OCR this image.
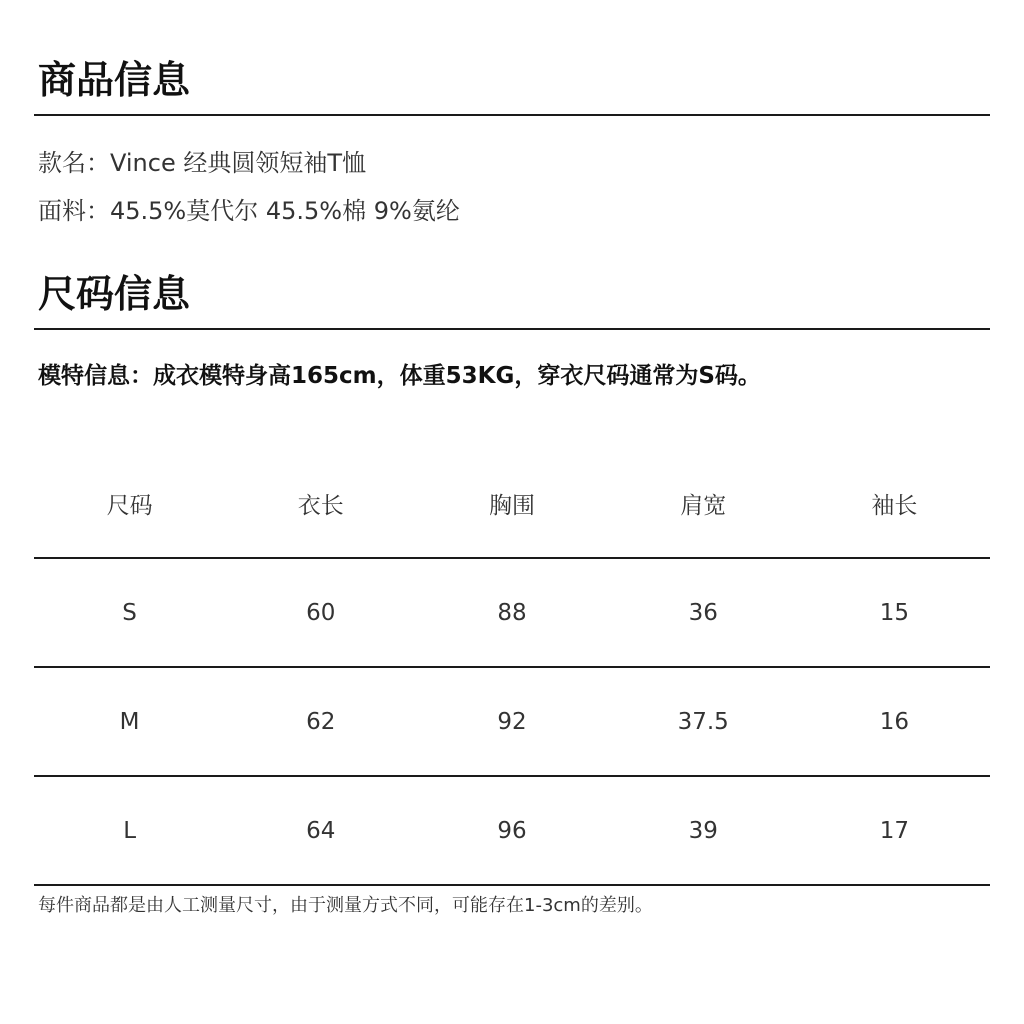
商品信息
款名：Vince 经典圆领短袖T恤
面料：45.5%莫代尔 45.5%棉 9%氨纶
尺码信息
模特信息：成衣模特身高165cm，体重53KG，穿衣尺码通常为S码。
尺码	衣长	胸围	肩宽	袖长
S	60	88	36	15
M	62	92	37.5	16
L	64	96	39	17
每件商品都是由人工测量尺寸，由于测量方式不同，可能存在1-3cm的差别。
